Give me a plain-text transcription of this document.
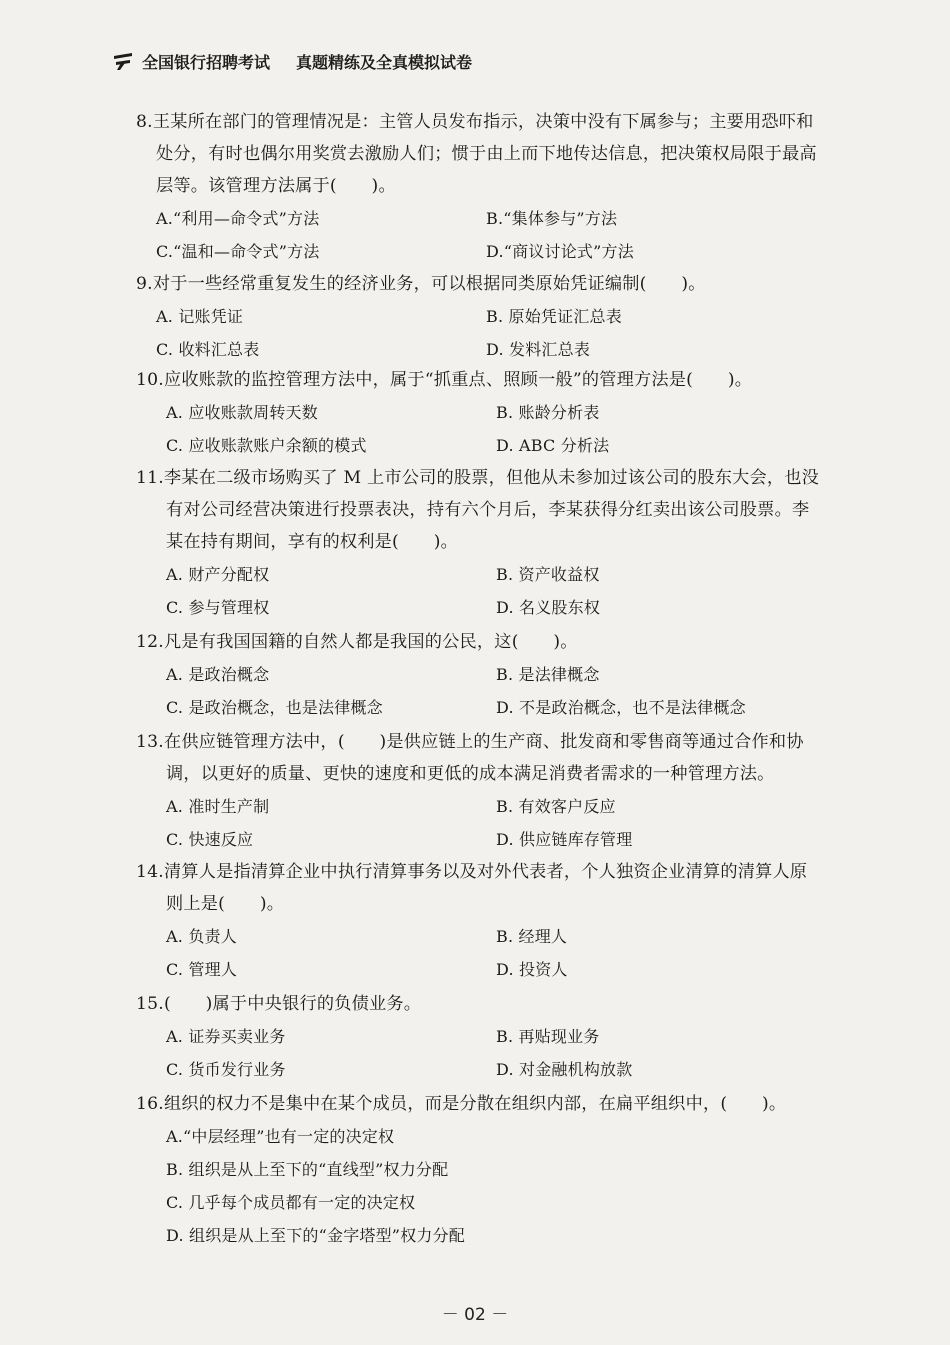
全国银行招聘考试 真题精练及全真模拟试卷

8.王某所在部门的管理情况是：主管人员发布指示，决策中没有下属参与；主要用恐吓和
处分，有时也偶尔用奖赏去激励人们；惯于由上而下地传达信息，把决策权局限于最高
层等。该管理方法属于(　　)。

A.“利用—命令式”方法	B.“集体参与”方法
C.“温和—命令式”方法	D.“商议讨论式”方法

9.对于一些经常重复发生的经济业务，可以根据同类原始凭证编制(　　)。

A. 记账凭证	B. 原始凭证汇总表
C. 收料汇总表	D. 发料汇总表

10.应收账款的监控管理方法中，属于“抓重点、照顾一般”的管理方法是(　　)。

A. 应收账款周转天数	B. 账龄分析表
C. 应收账款账户余额的模式	D. ABC 分析法

11.李某在二级市场购买了 M 上市公司的股票，但他从未参加过该公司的股东大会，也没
有对公司经营决策进行投票表决，持有六个月后，李某获得分红卖出该公司股票。李
某在持有期间，享有的权利是(　　)。

A. 财产分配权	B. 资产收益权
C. 参与管理权	D. 名义股东权

12.凡是有我国国籍的自然人都是我国的公民，这(　　)。

A. 是政治概念	B. 是法律概念
C. 是政治概念，也是法律概念	D. 不是政治概念，也不是法律概念

13.在供应链管理方法中，(　　)是供应链上的生产商、批发商和零售商等通过合作和协
调，以更好的质量、更快的速度和更低的成本满足消费者需求的一种管理方法。

A. 准时生产制	B. 有效客户反应
C. 快速反应	D. 供应链库存管理

14.清算人是指清算企业中执行清算事务以及对外代表者，个人独资企业清算的清算人原
则上是(　　)。

A. 负责人	B. 经理人
C. 管理人	D. 投资人

15.(　　)属于中央银行的负债业务。

A. 证券买卖业务	B. 再贴现业务
C. 货币发行业务	D. 对金融机构放款

16.组织的权力不是集中在某个成员，而是分散在组织内部，在扁平组织中，(　　)。

A.“中层经理”也有一定的决定权
B. 组织是从上至下的“直线型”权力分配
C. 几乎每个成员都有一定的决定权
D. 组织是从上至下的“金字塔型”权力分配
－ 02 －
